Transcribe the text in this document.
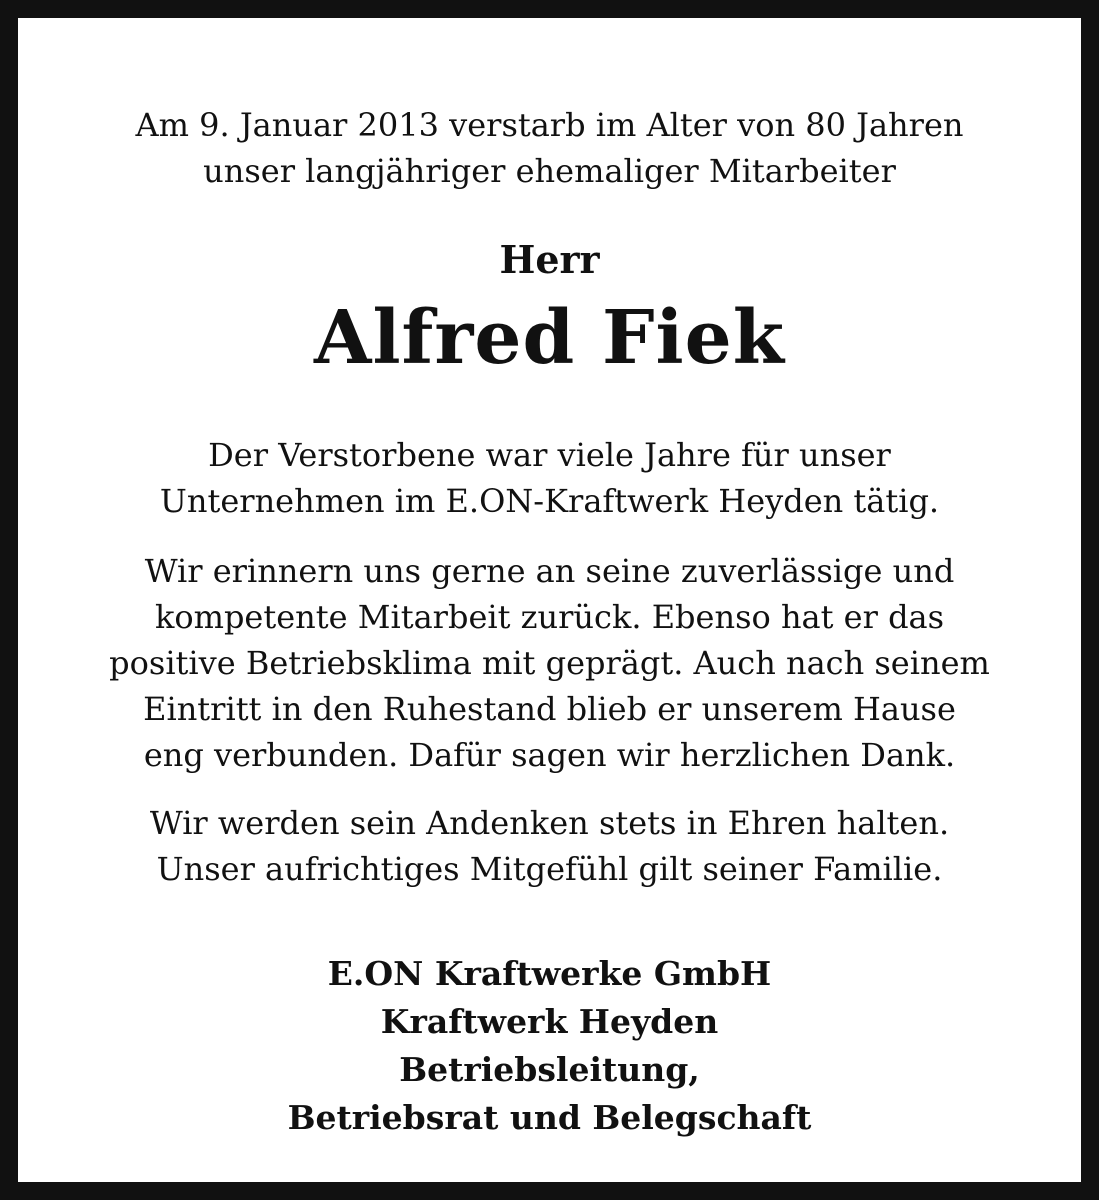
Am 9. Januar 2013 verstarb im Alter von 80 Jahren
unser langjähriger ehemaliger Mitarbeiter
Herr
Alfred Fiek
Der Verstorbene war viele Jahre für unser
Unternehmen im E.ON-Kraftwerk Heyden tätig.
Wir erinnern uns gerne an seine zuverlässige und
kompetente Mitarbeit zurück. Ebenso hat er das
positive Betriebsklima mit geprägt. Auch nach seinem
Eintritt in den Ruhestand blieb er unserem Hause
eng verbunden. Dafür sagen wir herzlichen Dank.
Wir werden sein Andenken stets in Ehren halten.
Unser aufrichtiges Mitgefühl gilt seiner Familie.
E.ON Kraftwerke GmbH
Kraftwerk Heyden
Betriebsleitung,
Betriebsrat und Belegschaft
